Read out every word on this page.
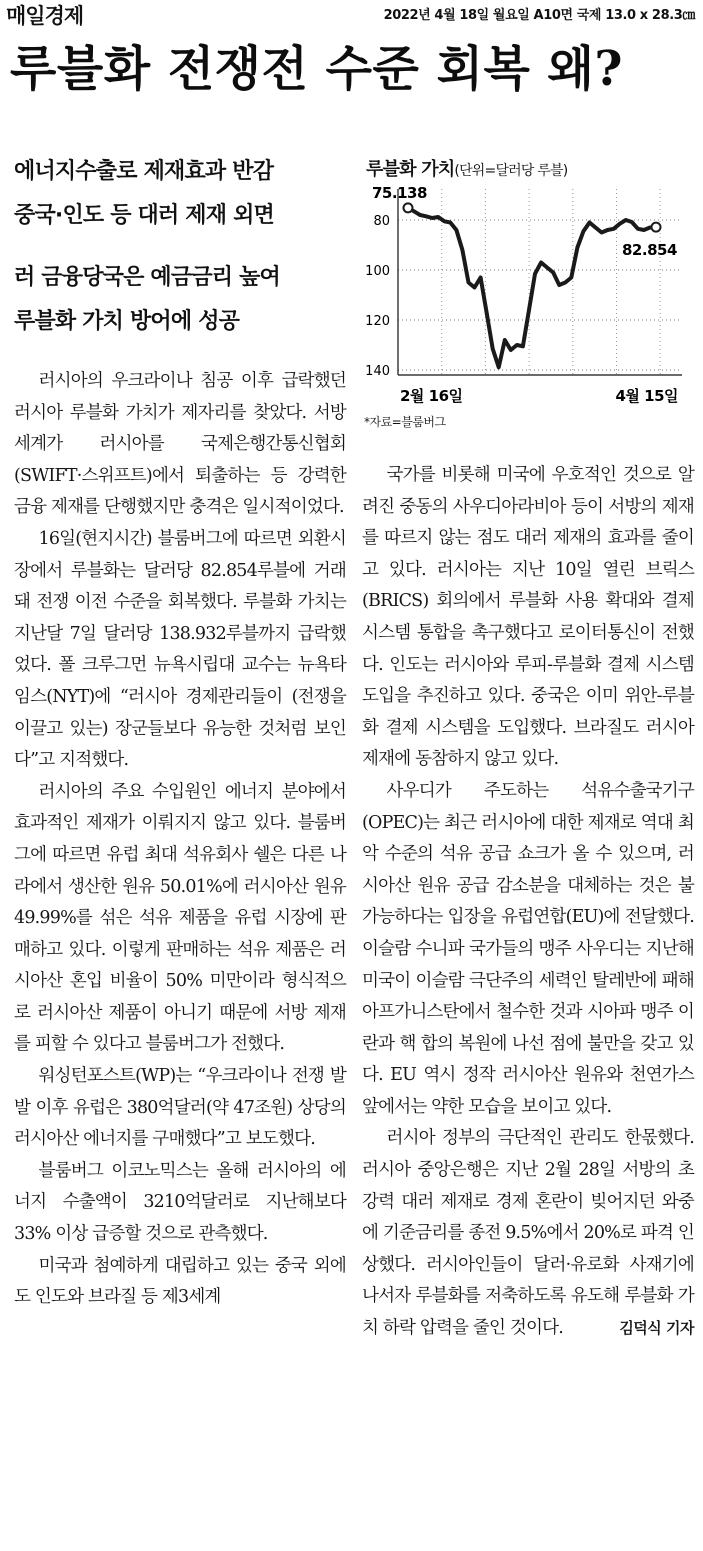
매일경제	2022년 4월 18일 월요일 A10면 국제 13.0 x 28.3㎝
루블화 전쟁전 수준 회복 왜?
에너지수출로 제재효과 반감
중국·인도 등 대러 제재 외면
러 금융당국은 예금금리 높여
루블화 가치 방어에 성공
루블화 가치(단위=달러당 루블)
80
100
120
140
75.138
82.854
2월 16일	4월 15일
*자료=블룸버그

러시아의 우크라이나 침공 이후 급락했던 러시아 루블화 가치가 제자리를 찾았다. 서방 세계가 러시아를 국제은행간통신협회(SWIFT·스위프트)에서 퇴출하는 등 강력한 금융 제재를 단행했지만 충격은 일시적이었다.

16일(현지시간) 블룸버그에 따르면 외환시장에서 루블화는 달러당 82.854루블에 거래돼 전쟁 이전 수준을 회복했다. 루블화 가치는 지난달 7일 달러당 138.932루블까지 급락했었다. 폴 크루그먼 뉴욕시립대 교수는 뉴욕타임스(NYT)에 “러시아 경제관리들이 (전쟁을 이끌고 있는) 장군들보다 유능한 것처럼 보인다”고 지적했다.

러시아의 주요 수입원인 에너지 분야에서 효과적인 제재가 이뤄지지 않고 있다. 블룸버그에 따르면 유럽 최대 석유회사 쉘은 다른 나라에서 생산한 원유 50.01%에 러시아산 원유 49.99%를 섞은 석유 제품을 유럽 시장에 판매하고 있다. 이렇게 판매하는 석유 제품은 러시아산 혼입 비율이 50% 미만이라 형식적으로 러시아산 제품이 아니기 때문에 서방 제재를 피할 수 있다고 블룸버그가 전했다.

워싱턴포스트(WP)는 “우크라이나 전쟁 발발 이후 유럽은 380억달러(약 47조원) 상당의 러시아산 에너지를 구매했다”고 보도했다.

블룸버그 이코노믹스는 올해 러시아의 에너지 수출액이 3210억달러로 지난해보다 33% 이상 급증할 것으로 관측했다.

미국과 첨예하게 대립하고 있는 중국 외에도 인도와 브라질 등 제3세계

국가를 비롯해 미국에 우호적인 것으로 알려진 중동의 사우디아라비아 등이 서방의 제재를 따르지 않는 점도 대러 제재의 효과를 줄이고 있다. 러시아는 지난 10일 열린 브릭스(BRICS) 회의에서 루블화 사용 확대와 결제 시스템 통합을 촉구했다고 로이터통신이 전했다. 인도는 러시아와 루피-루블화 결제 시스템 도입을 추진하고 있다. 중국은 이미 위안-루블화 결제 시스템을 도입했다. 브라질도 러시아 제재에 동참하지 않고 있다.

사우디가 주도하는 석유수출국기구(OPEC)는 최근 러시아에 대한 제재로 역대 최악 수준의 석유 공급 쇼크가 올 수 있으며, 러시아산 원유 공급 감소분을 대체하는 것은 불가능하다는 입장을 유럽연합(EU)에 전달했다. 이슬람 수니파 국가들의 맹주 사우디는 지난해 미국이 이슬람 극단주의 세력인 탈레반에 패해 아프가니스탄에서 철수한 것과 시아파 맹주 이란과 핵 합의 복원에 나선 점에 불만을 갖고 있다. EU 역시 정작 러시아산 원유와 천연가스 앞에서는 약한 모습을 보이고 있다.

러시아 정부의 극단적인 관리도 한몫했다. 러시아 중앙은행은 지난 2월 28일 서방의 초강력 대러 제재로 경제 혼란이 빚어지던 와중에 기준금리를 종전 9.5%에서 20%로 파격 인상했다. 러시아인들이 달러·유로화 사재기에 나서자 루블화를 저축하도록 유도해 루블화 가치 하락 압력을 줄인 것이다.	김덕식 기자
